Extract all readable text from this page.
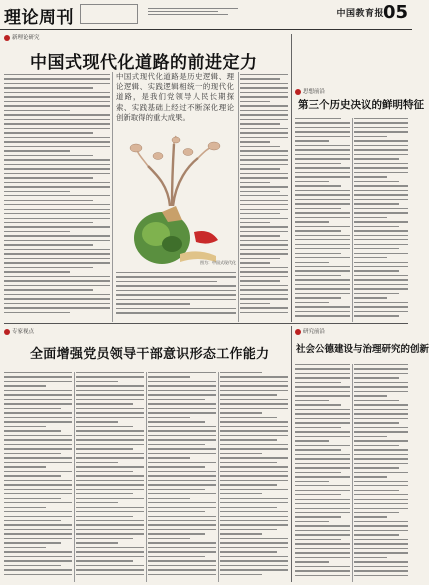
理论周刊	中国教育报
05
新理论研究
中国式现代化道路的前进定力
中国式现代化道路是历史逻辑、理论逻辑、实践逻辑相统一的现代化道路，是我们党领导人民长期探索、实践基础上经过不断深化理论创新取得的重大成果。
图为：中国式现代化
思想前沿
第三个历史决议的鲜明特征
专家视点
全面增强党员领导干部意识形态工作能力
研究前沿
社会公德建设与治理研究的创新
